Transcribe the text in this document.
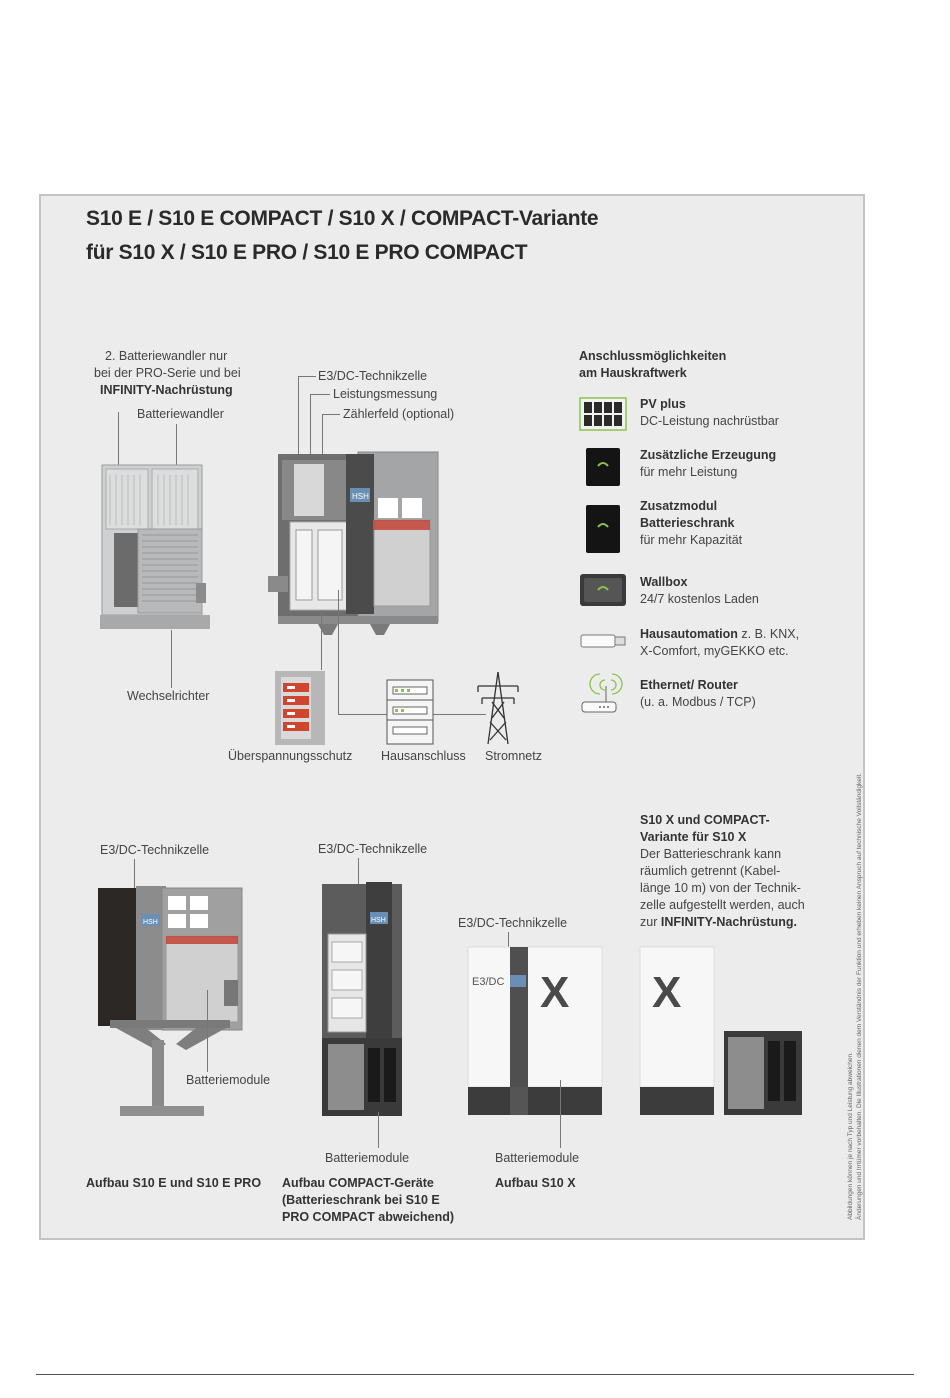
S10 E / S10 E COMPACT / S10 X / COMPACT-Variante
für S10 X / S10 E PRO / S10 E PRO COMPACT
2. Batteriewandler nur
bei der PRO-Serie und bei
INFINITY-Nachrüstung
Batteriewandler
Wechselrichter
E3/DC-Technikzelle
Leistungsmessung
Zählerfeld (optional)
HSH
Überspannungsschutz Hausanschluss Stromnetz
Anschlussmöglichkeiten
am Hauskraftwerk
PV plus
DC-Leistung nachrüstbar
Zusätzliche Erzeugung
für mehr Leistung
Zusatzmodul
Batterieschrank
für mehr Kapazität
Wallbox
24/7 kostenlos Laden
Hausautomation z. B. KNX,
X-Comfort, myGEKKO etc.
Ethernet/ Router
(u. a. Modbus / TCP)
E3/DC-Technikzelle
HSH
Batteriemodule
E3/DC-Technikzelle
HSH
Batteriemodule
E3/DC-Technikzelle
E3/DC X
Batteriemodule
X
S10 X und COMPACT-
Variante für S10 X
Der Batterieschrank kann
räumlich getrennt (Kabel-
länge 10 m) von der Technik-
zelle aufgestellt werden, auch
zur INFINITY-Nachrüstung.
Aufbau S10 E und S10 E PRO Aufbau COMPACT-Geräte
(Batterieschrank bei S10 E
PRO COMPACT abweichend)
Aufbau S10 X	Abbildungen können je nach Typ und Leistung abweichen. Änderungen und Irrtümer vorbehalten. Die Illustrationen dienen dem Verständnis der Funktion und erheben keinen Anspruch auf technische Vollständigkeit.
